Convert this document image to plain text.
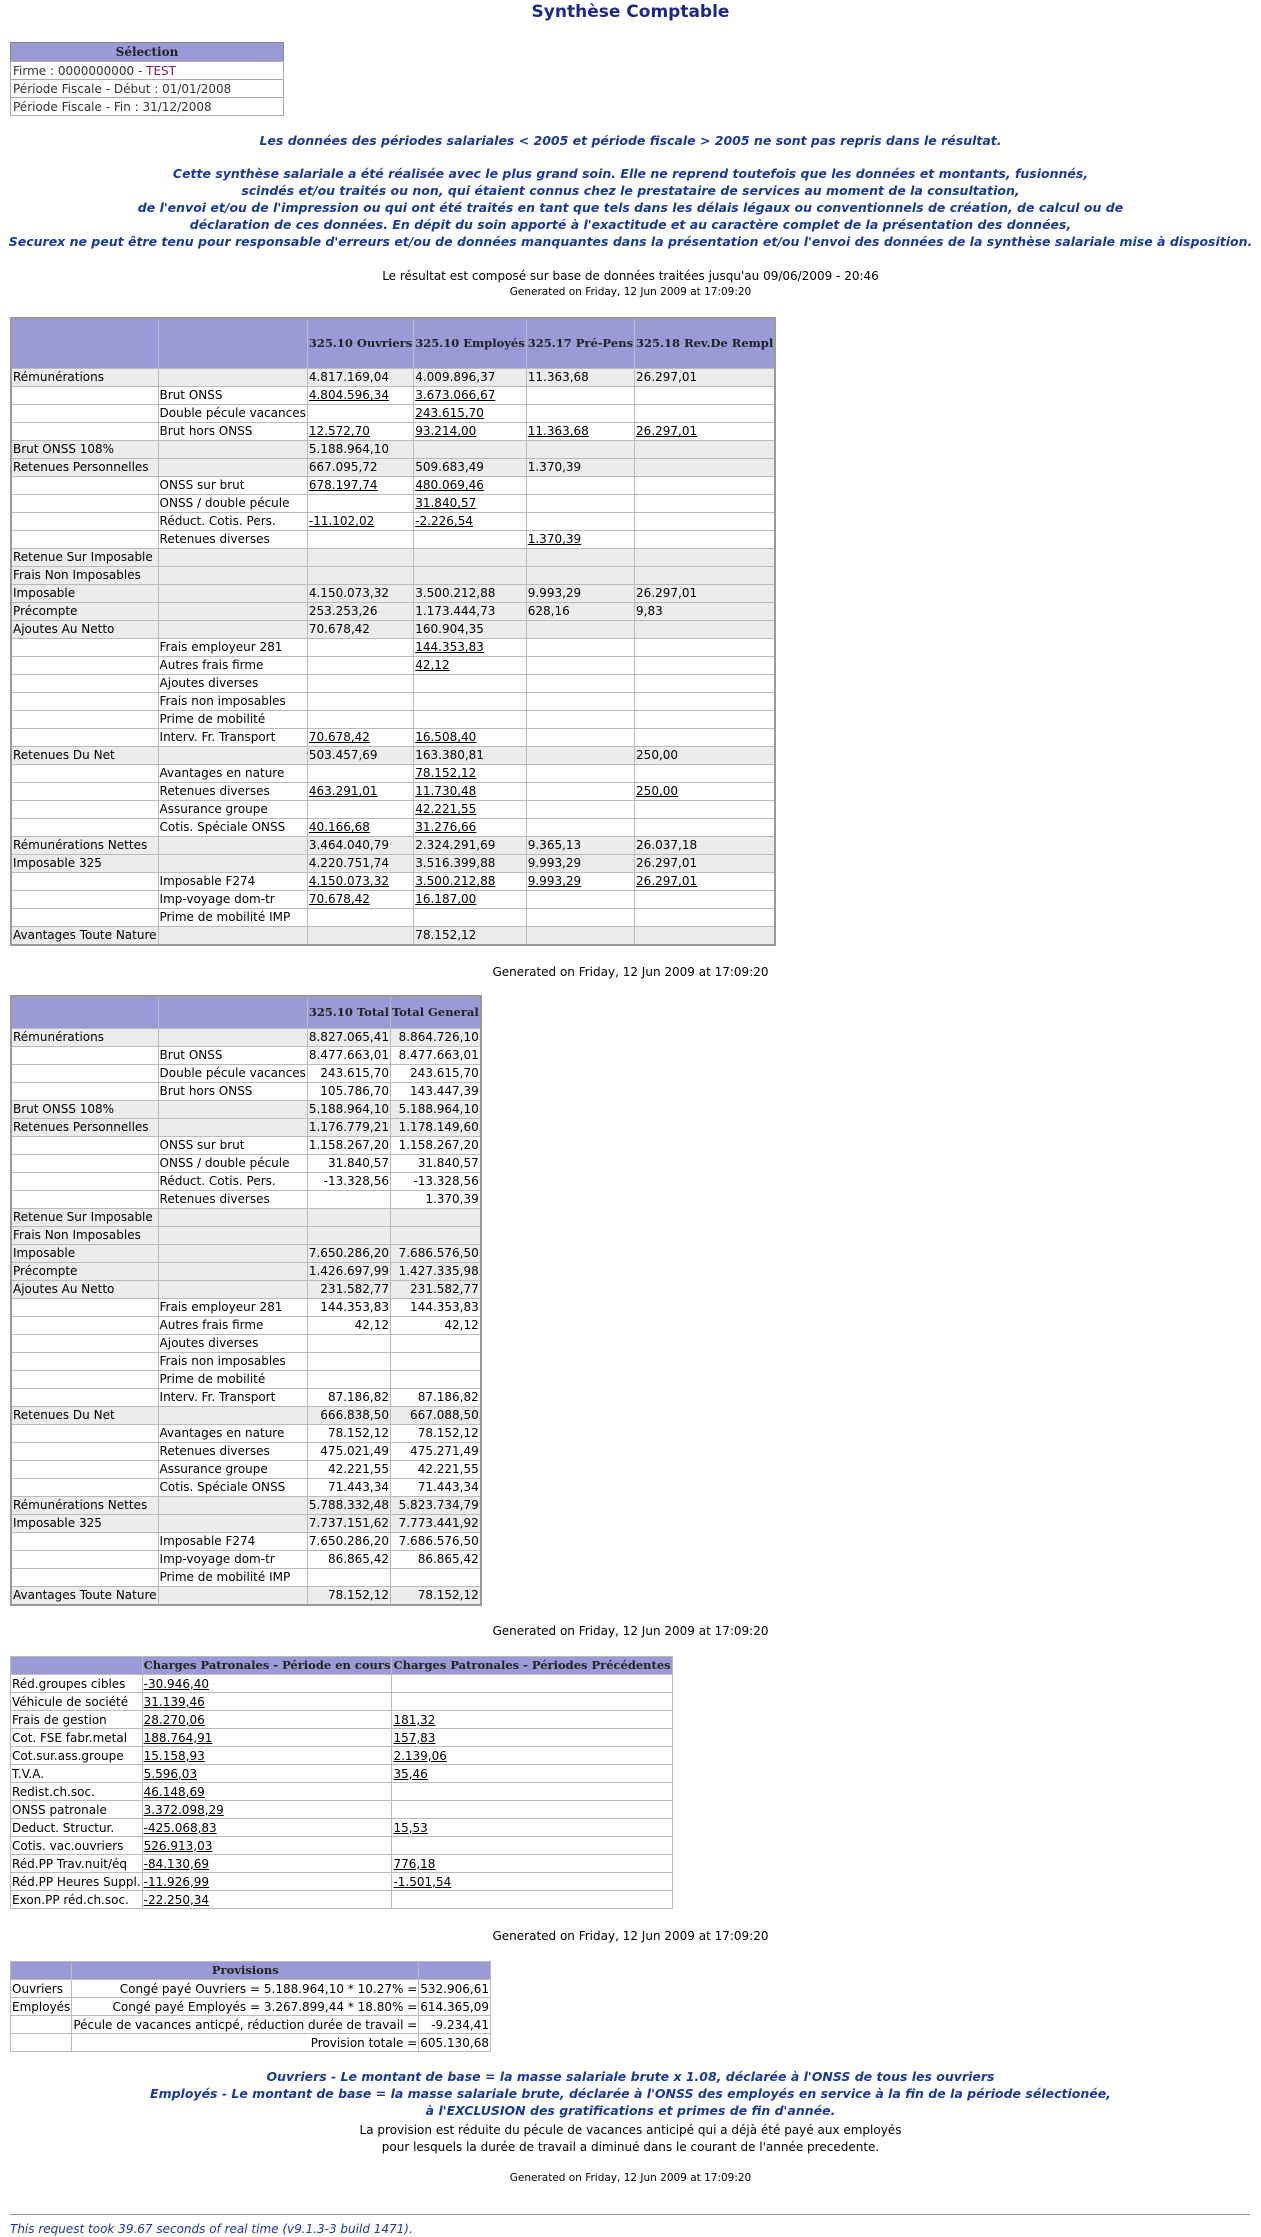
Synthèse Comptable
Sélection
Firme : 0000000000 - TEST
Période Fiscale - Début : 01/01/2008
Période Fiscale - Fin : 31/12/2008
Les données des périodes salariales < 2005 et période fiscale > 2005 ne sont pas repris dans le résultat.
Cette synthèse salariale a été réalisée avec le plus grand soin. Elle ne reprend toutefois que les données et montants, fusionnés,
scindés et/ou traités ou non, qui étaient connus chez le prestataire de services au moment de la consultation,
de l'envoi et/ou de l'impression ou qui ont été traités en tant que tels dans les délais légaux ou conventionnels de création, de calcul ou de
déclaration de ces données. En dépit du soin apporté à l'exactitude et au caractère complet de la présentation des données,
Securex ne peut être tenu pour responsable d'erreurs et/ou de données manquantes dans la présentation et/ou l'envoi des données de la synthèse salariale mise à disposition.
Le résultat est composé sur base de données traitées jusqu'au 09/06/2009 - 20:46
Generated on Friday, 12 Jun 2009 at 17:09:20
		325.10 Ouvriers	325.10 Employés	325.17 Pré-Pens	325.18 Rev.De Rempl
Rémunérations		4.817.169,04	4.009.896,37	11.363,68	26.297,01
	Brut ONSS	4.804.596,34	3.673.066,67		
	Double pécule vacances		243.615,70		
	Brut hors ONSS	12.572,70	93.214,00	11.363,68	26.297,01
Brut ONSS 108%		5.188.964,10			
Retenues Personnelles		667.095,72	509.683,49	1.370,39	
	ONSS sur brut	678.197,74	480.069,46		
	ONSS / double pécule		31.840,57		
	Réduct. Cotis. Pers.	-11.102,02	-2.226,54		
	Retenues diverses			1.370,39	
Retenue Sur Imposable					
Frais Non Imposables					
Imposable		4.150.073,32	3.500.212,88	9.993,29	26.297,01
Précompte		253.253,26	1.173.444,73	628,16	9,83
Ajoutes Au Netto		70.678,42	160.904,35		
	Frais employeur 281		144.353,83		
	Autres frais firme		42,12		
	Ajoutes diverses				
	Frais non imposables				
	Prime de mobilité				
	Interv. Fr. Transport	70.678,42	16.508,40		
Retenues Du Net		503.457,69	163.380,81		250,00
	Avantages en nature		78.152,12		
	Retenues diverses	463.291,01	11.730,48		250,00
	Assurance groupe		42.221,55		
	Cotis. Spéciale ONSS	40.166,68	31.276,66		
Rémunérations Nettes		3.464.040,79	2.324.291,69	9.365,13	26.037,18
Imposable 325		4.220.751,74	3.516.399,88	9.993,29	26.297,01
	Imposable F274	4.150.073,32	3.500.212,88	9.993,29	26.297,01
	Imp-voyage dom-tr	70.678,42	16.187,00		
	Prime de mobilité IMP				
Avantages Toute Nature			78.152,12		
Generated on Friday, 12 Jun 2009 at 17:09:20
		325.10 Total	Total General
Rémunérations		8.827.065,41	8.864.726,10
	Brut ONSS	8.477.663,01	8.477.663,01
	Double pécule vacances	243.615,70	243.615,70
	Brut hors ONSS	105.786,70	143.447,39
Brut ONSS 108%		5.188.964,10	5.188.964,10
Retenues Personnelles		1.176.779,21	1.178.149,60
	ONSS sur brut	1.158.267,20	1.158.267,20
	ONSS / double pécule	31.840,57	31.840,57
	Réduct. Cotis. Pers.	-13.328,56	-13.328,56
	Retenues diverses		1.370,39
Retenue Sur Imposable			
Frais Non Imposables			
Imposable		7.650.286,20	7.686.576,50
Précompte		1.426.697,99	1.427.335,98
Ajoutes Au Netto		231.582,77	231.582,77
	Frais employeur 281	144.353,83	144.353,83
	Autres frais firme	42,12	42,12
	Ajoutes diverses		
	Frais non imposables		
	Prime de mobilité		
	Interv. Fr. Transport	87.186,82	87.186,82
Retenues Du Net		666.838,50	667.088,50
	Avantages en nature	78.152,12	78.152,12
	Retenues diverses	475.021,49	475.271,49
	Assurance groupe	42.221,55	42.221,55
	Cotis. Spéciale ONSS	71.443,34	71.443,34
Rémunérations Nettes		5.788.332,48	5.823.734,79
Imposable 325		7.737.151,62	7.773.441,92
	Imposable F274	7.650.286,20	7.686.576,50
	Imp-voyage dom-tr	86.865,42	86.865,42
	Prime de mobilité IMP		
Avantages Toute Nature		78.152,12	78.152,12
Generated on Friday, 12 Jun 2009 at 17:09:20
	Charges Patronales - Période en cours	Charges Patronales - Périodes Précédentes
Réd.groupes cibles	-30.946,40	
Véhicule de société	31.139,46	
Frais de gestion	28.270,06	181,32
Cot. FSE fabr.metal	188.764,91	157,83
Cot.sur.ass.groupe	15.158,93	2.139,06
T.V.A.	5.596,03	35,46
Redist.ch.soc.	46.148,69	
ONSS patronale	3.372.098,29	
Deduct. Structur.	-425.068,83	15,53
Cotis. vac.ouvriers	526.913,03	
Réd.PP Trav.nuit/éq	-84.130,69	776,18
Réd.PP Heures Suppl.	-11.926,99	-1.501,54
Exon.PP réd.ch.soc.	-22.250,34	
Generated on Friday, 12 Jun 2009 at 17:09:20
	Provisions	
Ouvriers	Congé payé Ouvriers = 5.188.964,10 * 10.27% =	532.906,61
Employés	Congé payé Employés = 3.267.899,44 * 18.80% =	614.365,09
	Pécule de vacances anticpé, réduction durée de travail =	-9.234,41
	Provision totale =	605.130,68
Ouvriers - Le montant de base = la masse salariale brute x 1.08, déclarée à l'ONSS de tous les ouvriers
Employés - Le montant de base = la masse salariale brute, déclarée à l'ONSS des employés en service à la fin de la période sélectionée,
à l'EXCLUSION des gratifications et primes de fin d'année.
La provision est réduite du pécule de vacances anticipé qui a déjà été payé aux employés
pour lesquels la durée de travail a diminué dans le courant de l'année precedente.
Generated on Friday, 12 Jun 2009 at 17:09:20
This request took 39.67 seconds of real time (v9.1.3-3 build 1471).
